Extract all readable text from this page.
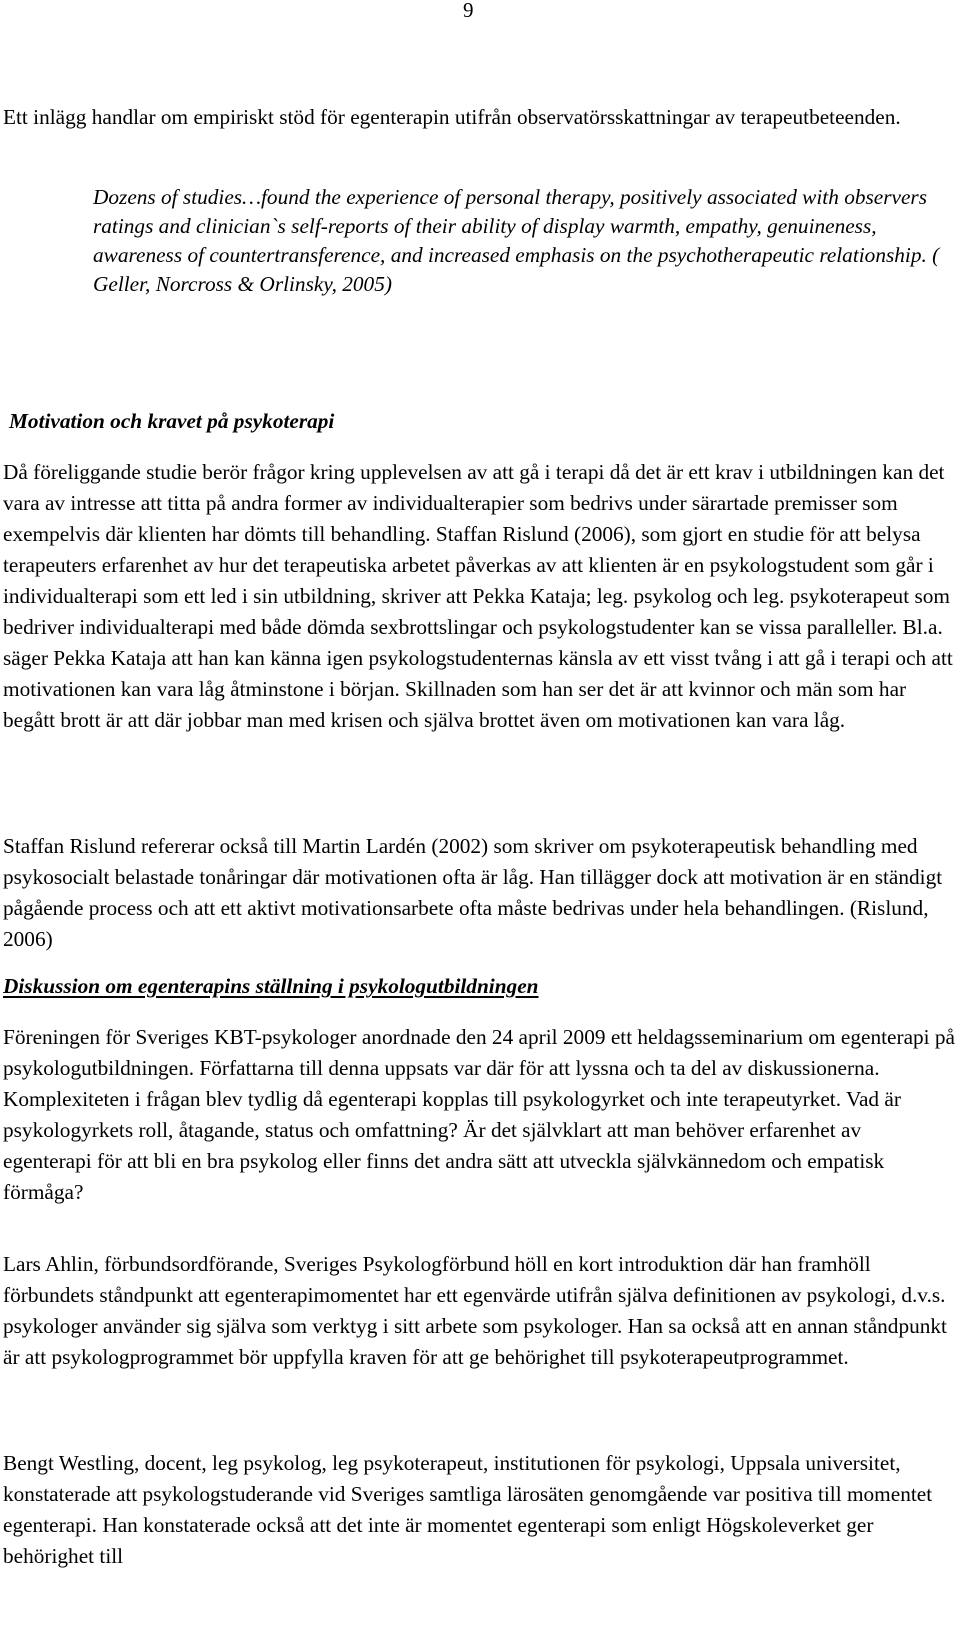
9

Ett inlägg handlar om empiriskt stöd för egenterapin utifrån observatörsskattningar av terapeutbeteenden.

Dozens of studies…found the experience of personal therapy, positively associated with observers ratings and clinician`s self-reports of their ability of display warmth, empathy, genuineness, awareness of countertransference, and increased emphasis on the psychotherapeutic relationship. ( Geller, Norcross & Orlinsky, 2005)

Motivation och kravet på psykoterapi

Då föreliggande studie berör frågor kring upplevelsen av att gå i terapi då det är ett krav i utbildningen kan det vara av intresse att titta på andra former av individualterapier som bedrivs under särartade premisser som exempelvis där klienten har dömts till behandling. Staffan Rislund (2006), som gjort en studie för att belysa terapeuters erfarenhet av hur det terapeutiska arbetet påverkas av att klienten är en psykologstudent som går i individualterapi som ett led i sin utbildning, skriver att Pekka Kataja; leg. psykolog och leg. psykoterapeut som bedriver individualterapi med både dömda sexbrottslingar och psykologstudenter kan se vissa paralleller. Bl.a. säger Pekka Kataja att han kan känna igen psykologstudenternas känsla av ett visst tvång i att gå i terapi och att motivationen kan vara låg åtminstone i början. Skillnaden som han ser det är att kvinnor och män som har begått brott är att där jobbar man med krisen och själva brottet även om motivationen kan vara låg.

Staffan Rislund refererar också till Martin Lardén (2002) som skriver om psykoterapeutisk behandling med psykosocialt belastade tonåringar där motivationen ofta är låg. Han tillägger dock att motivation är en ständigt pågående process och att ett aktivt motivationsarbete ofta måste bedrivas under hela behandlingen. (Rislund, 2006)

Diskussion om egenterapins ställning i psykologutbildningen

Föreningen för Sveriges KBT-psykologer anordnade den 24 april 2009 ett heldagsseminarium om egenterapi på psykologutbildningen. Författarna till denna uppsats var där för att lyssna och ta del av diskussionerna. Komplexiteten i frågan blev tydlig då egenterapi kopplas till psykologyrket och inte terapeutyrket. Vad är psykologyrkets roll, åtagande, status och omfattning? Är det självklart att man behöver erfarenhet av egenterapi för att bli en bra psykolog eller finns det andra sätt att utveckla självkännedom och empatisk förmåga?

Lars Ahlin, förbundsordförande, Sveriges Psykologförbund höll en kort introduktion där han framhöll förbundets ståndpunkt att egenterapimomentet har ett egenvärde utifrån själva definitionen av psykologi, d.v.s. psykologer använder sig själva som verktyg i sitt arbete som psykologer. Han sa också att en annan ståndpunkt är att psykologprogrammet bör uppfylla kraven för att ge behörighet till psykoterapeutprogrammet.

Bengt Westling, docent, leg psykolog, leg psykoterapeut, institutionen för psykologi, Uppsala universitet, konstaterade att psykologstuderande vid Sveriges samtliga lärosäten genomgående var positiva till momentet egenterapi. Han konstaterade också att det inte är momentet egenterapi som enligt Högskoleverket ger behörighet till
